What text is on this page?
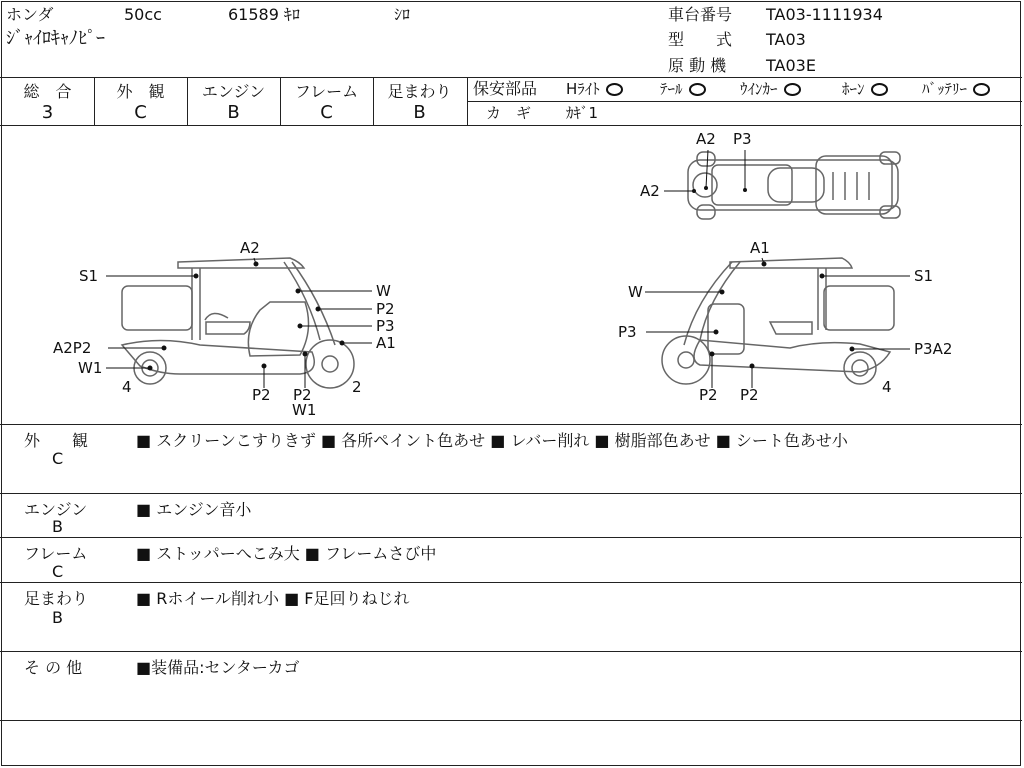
ホンダ	50cc	61589 ｷﾛ	ｼﾛ
ｼﾞｬｲﾛｷｬﾉﾋﾟｰ
車台番号 TA03-1111934
型　　式 TA03
原 動 機 TA03E
総　合
3
外　観
C
エンジン
B
フレーム
C
足まわり
B
保安部品 Hﾗｲﾄ	ﾃｰﾙ	ｳｲﾝｶｰ	ﾎｰﾝ	ﾊﾞｯﾃﾘｰ
カ　ギ ｶｷﾞ1
A2 P3
A2
A2
S1
W
P2
P3
A1
A2P2
W1
4	2
P2 P2
W1
A1
S1
W
P3
P3A2
4
P2 P2
外　　観
C
■ スクリーンこすりきず ■ 各所ペイント色あせ ■ レバー削れ ■ 樹脂部色あせ ■ シート色あせ小
エンジン
B
■ エンジン音小
フレーム
C
■ ストッパーへこみ大 ■ フレームさび中
足まわり
B
■ Rホイール削れ小 ■ F足回りねじれ
そ の 他	■装備品:センターカゴ
